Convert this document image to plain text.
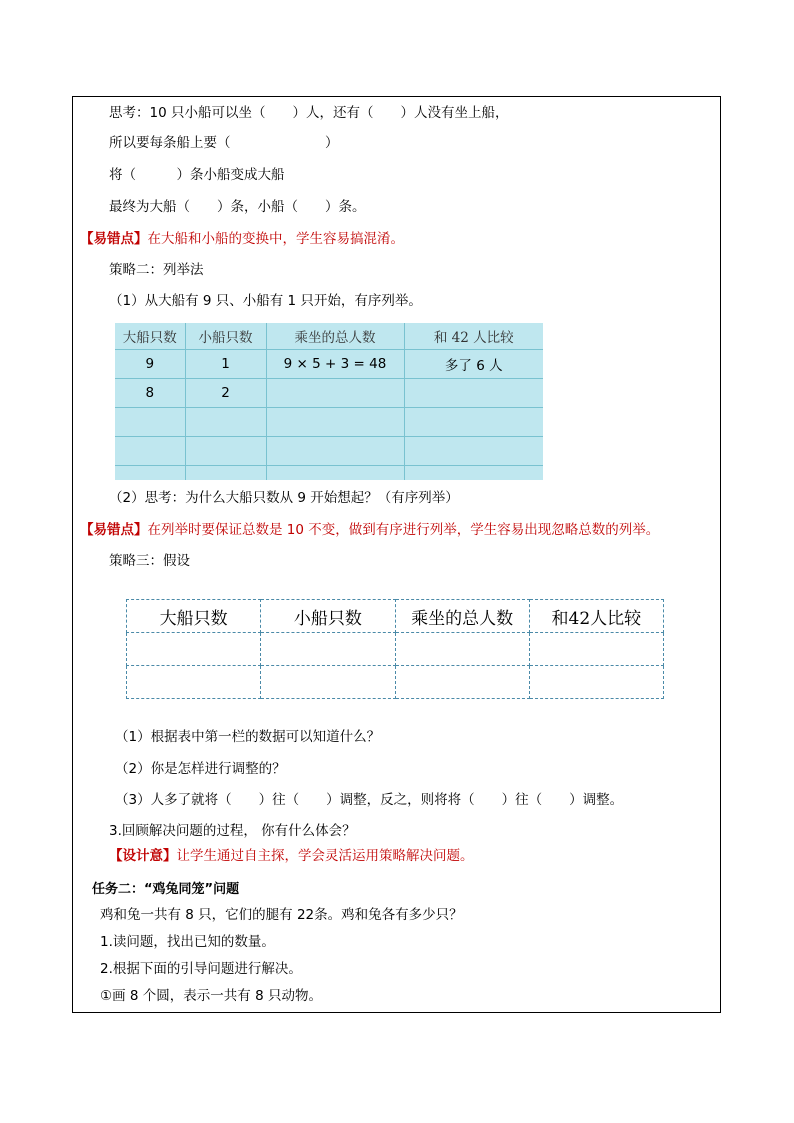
思考：10 只小船可以坐（　　）人，还有（　　）人没有坐上船，
所以要每条船上要（　　　　　　　）
将（　　　）条小船变成大船
最终为大船（　　）条，小船（　　）条。
【易错点】在大船和小船的变换中，学生容易搞混淆。
策略二：列举法
（1）从大船有 9 只、小船有 1 只开始，有序列举。
大船只数	小船只数	乘坐的总人数	和 42 人比较
9	1	9 × 5 + 3 = 48	多了 6 人
8	2		

（2）思考：为什么大船只数从 9 开始想起？（有序列举）
【易错点】在列举时要保证总数是 10 不变，做到有序进行列举，学生容易出现忽略总数的列举。
策略三：假设
大船只数	小船只数	乘坐的总人数	和42人比较

（1）根据表中第一栏的数据可以知道什么？
（2）你是怎样进行调整的？
（3）人多了就将（　　）往（　　）调整，反之，则将将（　　）往（　　）调整。
3.回顾解决问题的过程， 你有什么体会？
【设计意】让学生通过自主探，学会灵活运用策略解决问题。
任务二：“鸡兔同笼”问题
鸡和兔一共有 8 只，它们的腿有 22条。鸡和兔各有多少只？
1.读问题，找出已知的数量。
2.根据下面的引导问题进行解决。
①画 8 个圆，表示一共有 8 只动物。
